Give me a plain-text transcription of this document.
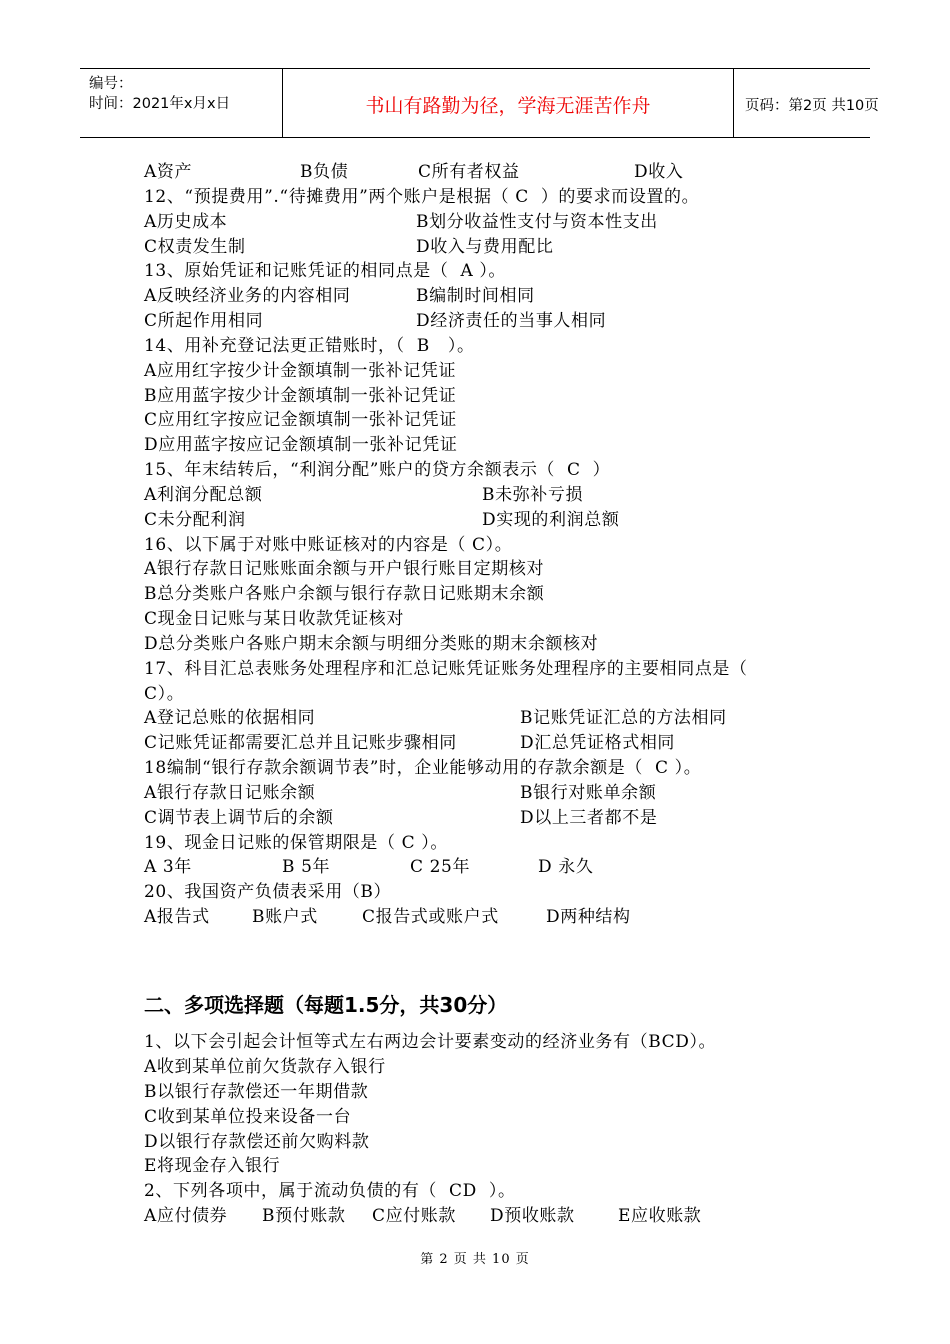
编号：
时间：2021年x月x日	书山有路勤为径，学海无涯苦作舟	页码：第2页 共10页
A资产	B负债	C所有者权益	D收入
12、“预提费用”.“待摊费用”两个账户是根据（ C  ）的要求而设置的。
A历史成本	B划分收益性支付与资本性支出
C权责发生制	D收入与费用配比
13、原始凭证和记账凭证的相同点是（  A ）。
A反映经济业务的内容相同	B编制时间相同
C所起作用相同	D经济责任的当事人相同
14、用补充登记法更正错账时，（  B   ）。
A应用红字按少计金额填制一张补记凭证
B应用蓝字按少计金额填制一张补记凭证
C应用红字按应记金额填制一张补记凭证
D应用蓝字按应记金额填制一张补记凭证
15、年末结转后，“利润分配”账户的贷方余额表示（  C  ）
A利润分配总额	B未弥补亏损
C未分配利润	D实现的利润总额
16、以下属于对账中账证核对的内容是（ C）。
A银行存款日记账账面余额与开户银行账目定期核对
B总分类账户各账户余额与银行存款日记账期末余额
C现金日记账与某日收款凭证核对
D总分类账户各账户期末余额与明细分类账的期末余额核对
17、科目汇总表账务处理程序和汇总记账凭证账务处理程序的主要相同点是（
C）。
A登记总账的依据相同	B记账凭证汇总的方法相同
C记账凭证都需要汇总并且记账步骤相同	D汇总凭证格式相同
18编制“银行存款余额调节表”时，企业能够动用的存款余额是（  C ）。
A银行存款日记账余额	B银行对账单余额
C调节表上调节后的余额	D以上三者都不是
19、现金日记账的保管期限是（ C ）。
A 3年	B 5年	C 25年	D 永久
20、我国资产负债表采用（B）
A报告式 B账户式	C报告式或账户式	D两种结构
1、以下会引起会计恒等式左右两边会计要素变动的经济业务有（BCD）。
A收到某单位前欠货款存入银行
B以银行存款偿还一年期借款
C收到某单位投来设备一台
D以银行存款偿还前欠购料款
E将现金存入银行
2、下列各项中，属于流动负债的有（  CD  ）。
A应付债券 B预付账款 C应付账款 D预收账款	E应收账款
二、多项选择题（每题1.5分，共30分）
第 2 页 共 10 页
